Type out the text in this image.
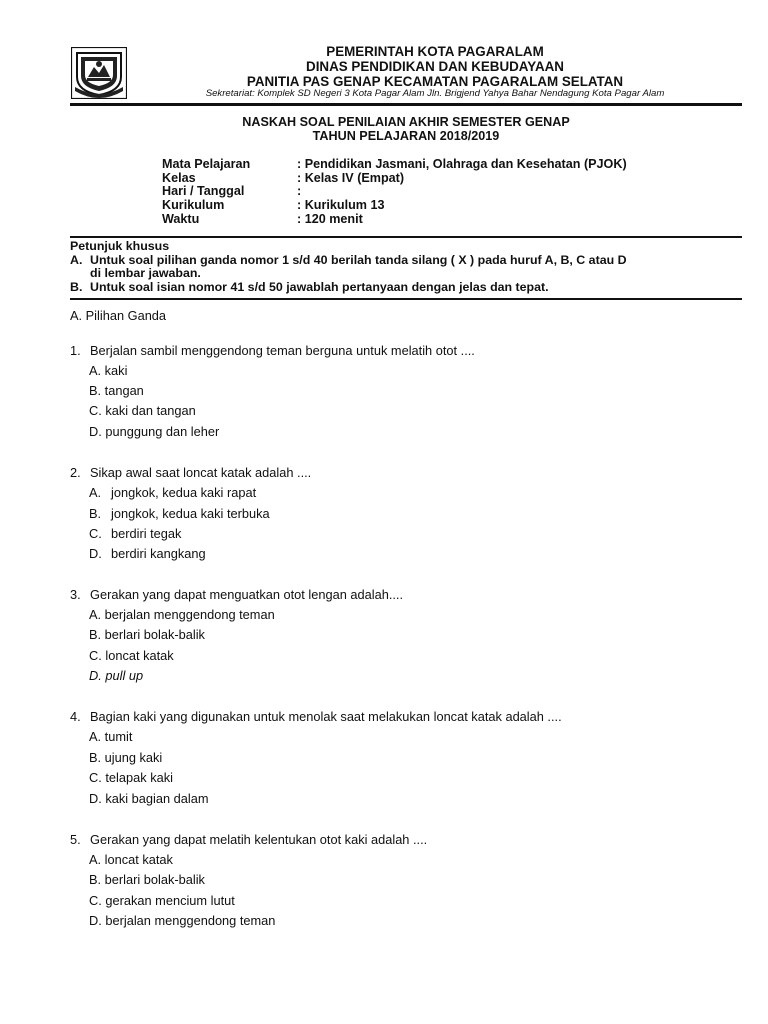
PEMERINTAH KOTA PAGARALAM
DINAS PENDIDIKAN DAN KEBUDAYAAN
PANITIA PAS GENAP KECAMATAN PAGARALAM SELATAN
Sekretariat: Komplek SD Negeri 3 Kota Pagar Alam Jln. Brigjend Yahya Bahar Nendagung Kota Pagar Alam
NASKAH SOAL PENILAIAN AKHIR SEMESTER GENAP
TAHUN PELAJARAN 2018/2019
Mata Pelajaran	: Pendidikan Jasmani, Olahraga dan Kesehatan (PJOK)
Kelas	: Kelas IV (Empat)
Hari / Tanggal	:
Kurikulum	: Kurikulum 13
Waktu	: 120 menit
Petunjuk khusus
A. Untuk soal pilihan ganda nomor 1 s/d 40 berilah tanda silang ( X ) pada huruf A, B, C atau D
di lembar jawaban.
B. Untuk soal isian nomor 41 s/d 50 jawablah pertanyaan dengan jelas dan tepat.
A. Pilihan Ganda
1. Berjalan sambil menggendong teman berguna untuk melatih otot ....
A. kaki
B. tangan
C. kaki dan tangan
D. punggung dan leher
2. Sikap awal saat loncat katak adalah ....
A. jongkok, kedua kaki rapat
B. jongkok, kedua kaki terbuka
C. berdiri tegak
D. berdiri kangkang
3. Gerakan yang dapat menguatkan otot lengan adalah....
A. berjalan menggendong teman
B. berlari bolak-balik
C. loncat katak
D. pull up
4. Bagian kaki yang digunakan untuk menolak saat melakukan loncat katak adalah ....
A. tumit
B. ujung kaki
C. telapak kaki
D. kaki bagian dalam
5. Gerakan yang dapat melatih kelentukan otot kaki adalah ....
A. loncat katak
B. berlari bolak-balik
C. gerakan mencium lutut
D. berjalan menggendong teman
